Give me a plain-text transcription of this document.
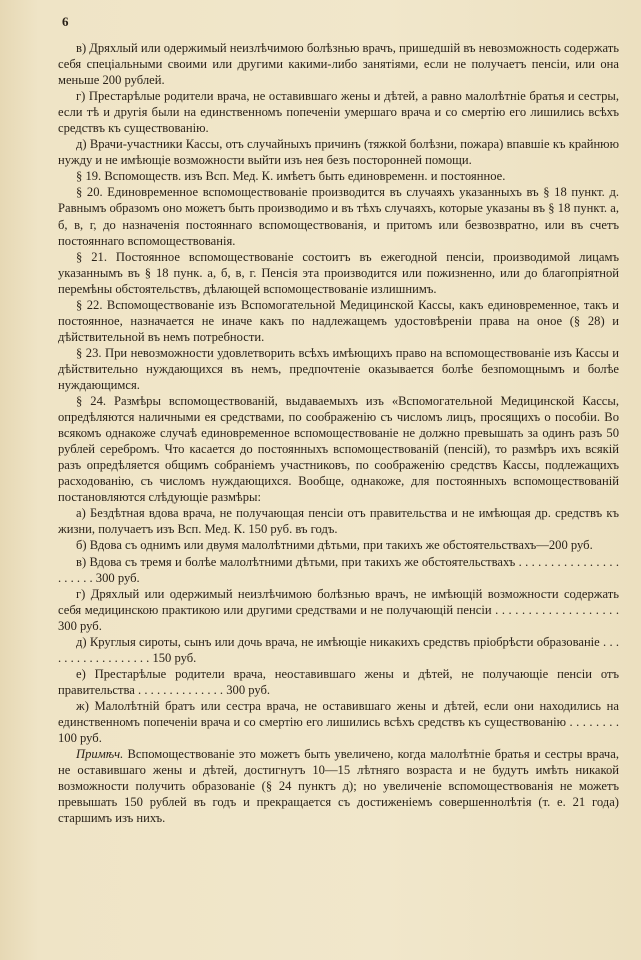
6

в) Дряхлый или одержимый неизлѣчимою болѣзнью врачъ, пришедшій въ невозможность содержать себя спеціальными своими или другими какими-либо занятіями, если не получаетъ пенсіи, или она меньше 200 рублей.

г) Престарѣлые родители врача, не оставившаго жены и дѣтей, а равно малолѣтніе братья и сестры, если тѣ и другія были на единственномъ попеченіи умершаго врача и со смертію его лишились всѣхъ средствъ къ существованію.

д) Врачи-участники Кассы, отъ случайныхъ причинъ (тяжкой болѣзни, пожара) впавшіе къ крайнюю нужду и не имѣющіе возможности выйти изъ нея безъ посторонней помощи.

§ 19. Вспомоществ. изъ Всп. Мед. К. имѣетъ быть единовременн. и постоянное.

§ 20. Единовременное вспомоществованіе производится въ случаяхъ указанныхъ въ § 18 пункт. д. Равнымъ образомъ оно можетъ быть производимо и въ тѣхъ случаяхъ, которые указаны въ § 18 пункт. а, б, в, г, до назначенія постояннаго вспомоществованія, и притомъ или безвозвратно, или въ счетъ постояннаго вспомоществованія.

§ 21. Постоянное вспомоществованіе состоитъ въ ежегодной пенсіи, производимой лицамъ указаннымъ въ § 18 пунк. а, б, в, г. Пенсія эта производится или пожизненно, или до благопріятной перемѣны обстоятельствъ, дѣлающей вспомоществованіе излишнимъ.

§ 22. Вспомоществованіе изъ Вспомогательной Медицинской Кассы, какъ единовременное, такъ и постоянное, назначается не иначе какъ по надлежащемъ удостовѣреніи права на оное (§ 28) и дѣйствительной въ немъ потребности.

§ 23. При невозможности удовлетворить всѣхъ имѣющихъ право на вспомоществованіе изъ Кассы и дѣйствительно нуждающихся въ немъ, предпочтеніе оказывается болѣе безпомощнымъ и болѣе нуждающимся.

§ 24. Размѣры вспомоществованій, выдаваемыхъ изъ «Вспомогательной Медицинской Кассы, опредѣляются наличными ея средствами, по соображенію съ числомъ лицъ, просящихъ о пособіи. Во всякомъ однакоже случаѣ единовременное вспомоществованіе не должно превышать за одинъ разъ 50 рублей серебромъ. Что касается до постоянныхъ вспомоществованій (пенсій), то размѣръ ихъ всякій разъ опредѣляется общимъ собраніемъ участниковъ, по соображенію средствъ Кассы, подлежащихъ расходованію, съ числомъ нуждающихся. Вообще, однакоже, для постоянныхъ вспомоществованій постановляются слѣдующіе размѣры:

а) Бездѣтная вдова врача, не получающая пенсіи отъ правительства и не имѣющая др. средствъ къ жизни, получаетъ изъ Всп. Мед. К. 150 руб. въ годъ.

б) Вдова съ однимъ или двумя малолѣтними дѣтьми, при такихъ же обстоятельствахъ—200 руб.

в) Вдова съ тремя и болѣе малолѣтними дѣтьми, при такихъ же обстоятельствахъ . . . . . . . . . . . . . . . . . . . . . . 300 руб.

г) Дряхлый или одержимый неизлѣчимою болѣзнью врачъ, не имѣющій возможности содержать себя медицинскою практикою или другими средствами и не получающій пенсіи . . . . . . . . . . . . . . . . . . . 300 руб.

д) Круглыя сироты, сынъ или дочь врача, не имѣющіе никакихъ средствъ пріобрѣсти образованіе . . . . . . . . . . . . . . . . . . 150 руб.

е) Престарѣлые родители врача, неоставившаго жены и дѣтей, не получающіе пенсіи отъ правительства . . . . . . . . . . . . . . 300 руб.

ж) Малолѣтній братъ или сестра врача, не оставившаго жены и дѣтей, если они находились на единственномъ попеченіи врача и со смертію его лишились всѣхъ средствъ къ существованію . . . . . . . . 100 руб.

Примѣч. Вспомоществованіе это можетъ быть увеличено, когда малолѣтніе братья и сестры врача, не оставившаго жены и дѣтей, достигнутъ 10—15 лѣтняго возраста и не будутъ имѣть никакой возможности получить образованіе (§ 24 пунктъ д); но увеличеніе вспомоществованія не можетъ превышать 150 рублей въ годъ и прекращается съ достиженіемъ совершеннолѣтія (т. е. 21 года) старшимъ изъ нихъ.
